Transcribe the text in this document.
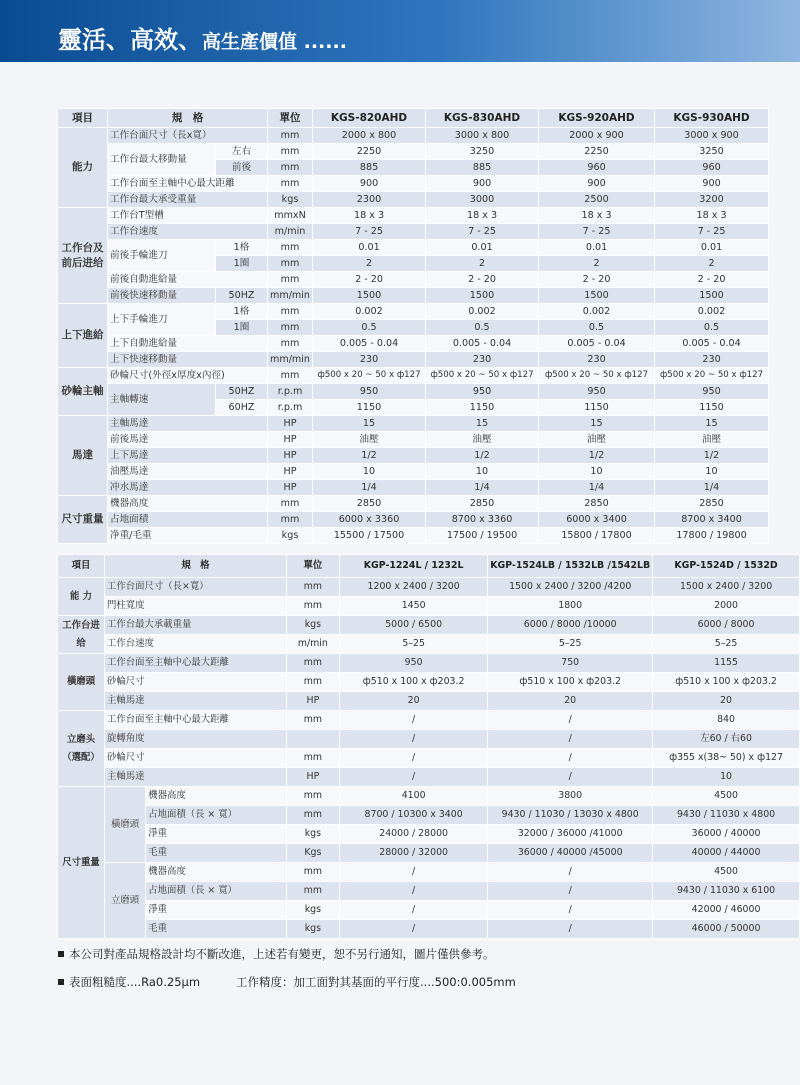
靈活、高效、高生產價值 ......
項目	規　格		單位	KGS-820AHD	KGS-830AHD	KGS-920AHD	KGS-930AHD
能力	工作台面尺寸（長x寬）		mm	2000 x 800	3000 x 800	2000 x 900	3000 x 900
	工作台最大移動量	左右	mm	2250	3250	2250	3250
		前後	mm	885	885	960	960
	工作台面至主軸中心最大距離		mm	900	900	900	900
	工作台最大承受重量		kgs	2300	3000	2500	3200
工作台及前后进给	工作台T型槽		mmxN	18 x 3	18 x 3	18 x 3	18 x 3
	工作台速度		m/min	7 - 25	7 - 25	7 - 25	7 - 25
	前後手輪進刀	1格	mm	0.01	0.01	0.01	0.01
		1圈	mm	2	2	2	2
	前後自動進給量		mm	2 - 20	2 - 20	2 - 20	2 - 20
	前後快速移動量	50HZ	mm/min	1500	1500	1500	1500
上下進給	上下手輪進刀	1格	mm	0.002	0.002	0.002	0.002
		1圈	mm	0.5	0.5	0.5	0.5
	上下自動進給量		mm	0.005 - 0.04	0.005 - 0.04	0.005 - 0.04	0.005 - 0.04
	上下快速移動量		mm/min	230	230	230	230
砂輪主軸	砂輪尺寸(外徑x厚度x內徑)		mm	ф500 x 20 ~ 50 x ф127	ф500 x 20 ~ 50 x ф127	ф500 x 20 ~ 50 x ф127	ф500 x 20 ~ 50 x ф127
	主軸轉速	50HZ	r.p.m	950	950	950	950
		60HZ	r.p.m	1150	1150	1150	1150
馬達	主軸馬達		HP	15	15	15	15
	前後馬達		HP	油壓	油壓	油壓	油壓
	上下馬達		HP	1/2	1/2	1/2	1/2
	油壓馬達		HP	10	10	10	10
	冲水馬達		HP	1/4	1/4	1/4	1/4
尺寸重量	機器高度		mm	2850	2850	2850	2850
	占地面積		mm	6000 x 3360	8700 x 3360	6000 x 3400	8700 x 3400
	净重/毛重		kgs	15500 / 17500	17500 / 19500	15800 / 17800	17800 / 19800
項目	規　格		單位	KGP-1224L / 1232L	KGP-1524LB / 1532LB /1542LB	KGP-1524D / 1532D
能 力	工作台面尺寸（長×寬）		mm	1200 x 2400 / 3200	1500 x 2400 / 3200 /4200	1500 x 2400 / 3200
	門柱寬度		mm	1450	1800	2000
工作台进给	工作台最大承載重量		kgs	5000 / 6500	6000 / 8000 /10000	6000 / 8000
	工作台速度		m/min	5–25	5–25	5–25
橫磨頭	工作台面至主軸中心最大距離		mm	950	750	1155
	砂輪尺寸		mm	ф510 x 100 x ф203.2	ф510 x 100 x ф203.2	ф510 x 100 x ф203.2
	主軸馬達		HP	20	20	20
立磨头（選配）	工作台面至主軸中心最大距離		mm	/	/	840
	旋轉角度			/	/	左60 / 右60
	砂輪尺寸		mm	/	/	ф355 x(38~ 50) x ф127
	主軸馬達		HP	/	/	10
尺寸重量	橫磨頭	機器高度	mm	4100	3800	4500
		占地面積（長 × 寬）	mm	8700 / 10300 x 3400	9430 / 11030 / 13030 x 4800	9430 / 11030 x 4800
		淨重	kgs	24000 / 28000	32000 / 36000 /41000	36000 / 40000
		毛重	Kgs	28000 / 32000	36000 / 40000 /45000	40000 / 44000
	立磨頭	機器高度	mm	/	/	4500
		占地面積（長 × 寬）	mm	/	/	9430 / 11030 x 6100
		淨重	kgs	/	/	42000 / 46000
		毛重	kgs	/	/	46000 / 50000
本公司對產品規格設計均不斷改進，上述若有變更，恕不另行通知，圖片僅供參考。
表面粗糙度....Ra0.25μm	工作精度：加工面對其基面的平行度....500:0.005mm
